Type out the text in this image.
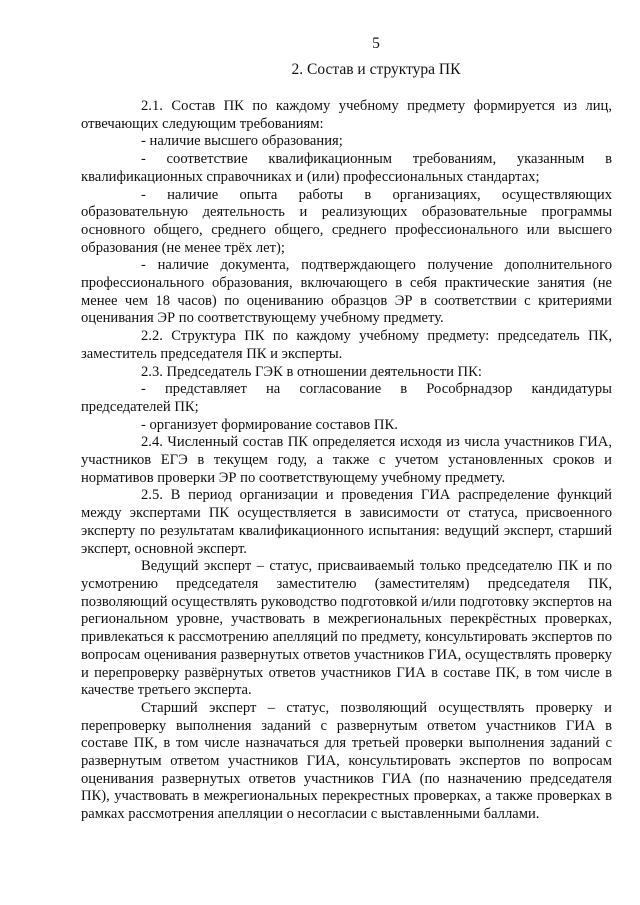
5
2. Состав и структура ПК

2.1. Состав ПК по каждому учебному предмету формируется из лиц, отвечающих следующим требованиям:

- наличие высшего образования;

- соответствие квалификационным требованиям, указанным в квалификационных справочниках и (или) профессиональных стандартах;

- наличие опыта работы в организациях, осуществляющих образовательную деятельность и реализующих образовательные программы основного общего, среднего общего, среднего профессионального или высшего образования (не менее трёх лет);

- наличие документа, подтверждающего получение дополнительного профессионального образования, включающего в себя практические занятия (не менее чем 18 часов) по оцениванию образцов ЭР в соответствии с критериями оценивания ЭР по соответствующему учебному предмету.

2.2. Структура ПК по каждому учебному предмету: председатель ПК, заместитель председателя ПК и эксперты.

2.3. Председатель ГЭК в отношении деятельности ПК:

- представляет на согласование в Рособрнадзор кандидатуры председателей ПК;

- организует формирование составов ПК.

2.4. Численный состав ПК определяется исходя из числа участников ГИА, участников ЕГЭ в текущем году, а также с учетом установленных сроков и нормативов проверки ЭР по соответствующему учебному предмету.

2.5. В период организации и проведения ГИА распределение функций между экспертами ПК осуществляется в зависимости от статуса, присвоенного эксперту по результатам квалификационного испытания: ведущий эксперт, старший эксперт, основной эксперт.

Ведущий эксперт – статус, присваиваемый только председателю ПК и по усмотрению председателя заместителю (заместителям) председателя ПК, позволяющий осуществлять руководство подготовкой и/или подготовку экспертов на региональном уровне, участвовать в межрегиональных перекрёстных проверках, привлекаться к рассмотрению апелляций по предмету, консультировать экспертов по вопросам оценивания развернутых ответов участников ГИА, осуществлять проверку и перепроверку развёрнутых ответов участников ГИА в составе ПК, в том числе в качестве третьего эксперта.

Старший эксперт – статус, позволяющий осуществлять проверку и перепроверку выполнения заданий с развернутым ответом участников ГИА в составе ПК, в том числе назначаться для третьей проверки выполнения заданий с развернутым ответом участников ГИА, консультировать экспертов по вопросам оценивания развернутых ответов участников ГИА (по назначению председателя ПК), участвовать в межрегиональных перекрестных проверках, а также проверках в рамках рассмотрения апелляции о несогласии с выставленными баллами.
